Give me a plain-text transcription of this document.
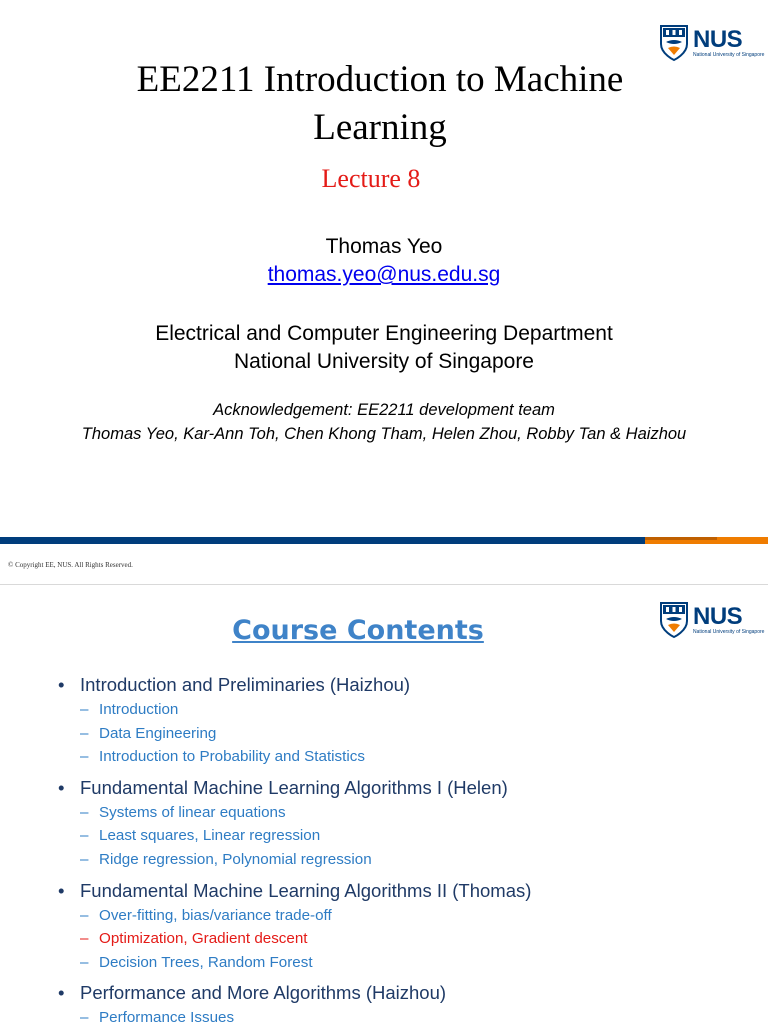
NUS
National University of Singapore
EE2211 Introduction to Machine Learning
Lecture 8
Thomas Yeo
thomas.yeo@nus.edu.sg
Electrical and Computer Engineering Department
National University of Singapore
Acknowledgement: EE2211 development team
Thomas Yeo, Kar-Ann Toh, Chen Khong Tham, Helen Zhou, Robby Tan & Haizhou
© Copyright EE, NUS. All Rights Reserved.
NUS
National University of Singapore
Course Contents
• Introduction and Preliminaries (Haizhou)
– Introduction
– Data Engineering
– Introduction to Probability and Statistics
• Fundamental Machine Learning Algorithms I (Helen)
– Systems of linear equations
– Least squares, Linear regression
– Ridge regression, Polynomial regression
• Fundamental Machine Learning Algorithms II (Thomas)
– Over-fitting, bias/variance trade-off
– Optimization, Gradient descent
– Decision Trees, Random Forest
• Performance and More Algorithms (Haizhou)
– Performance Issues
